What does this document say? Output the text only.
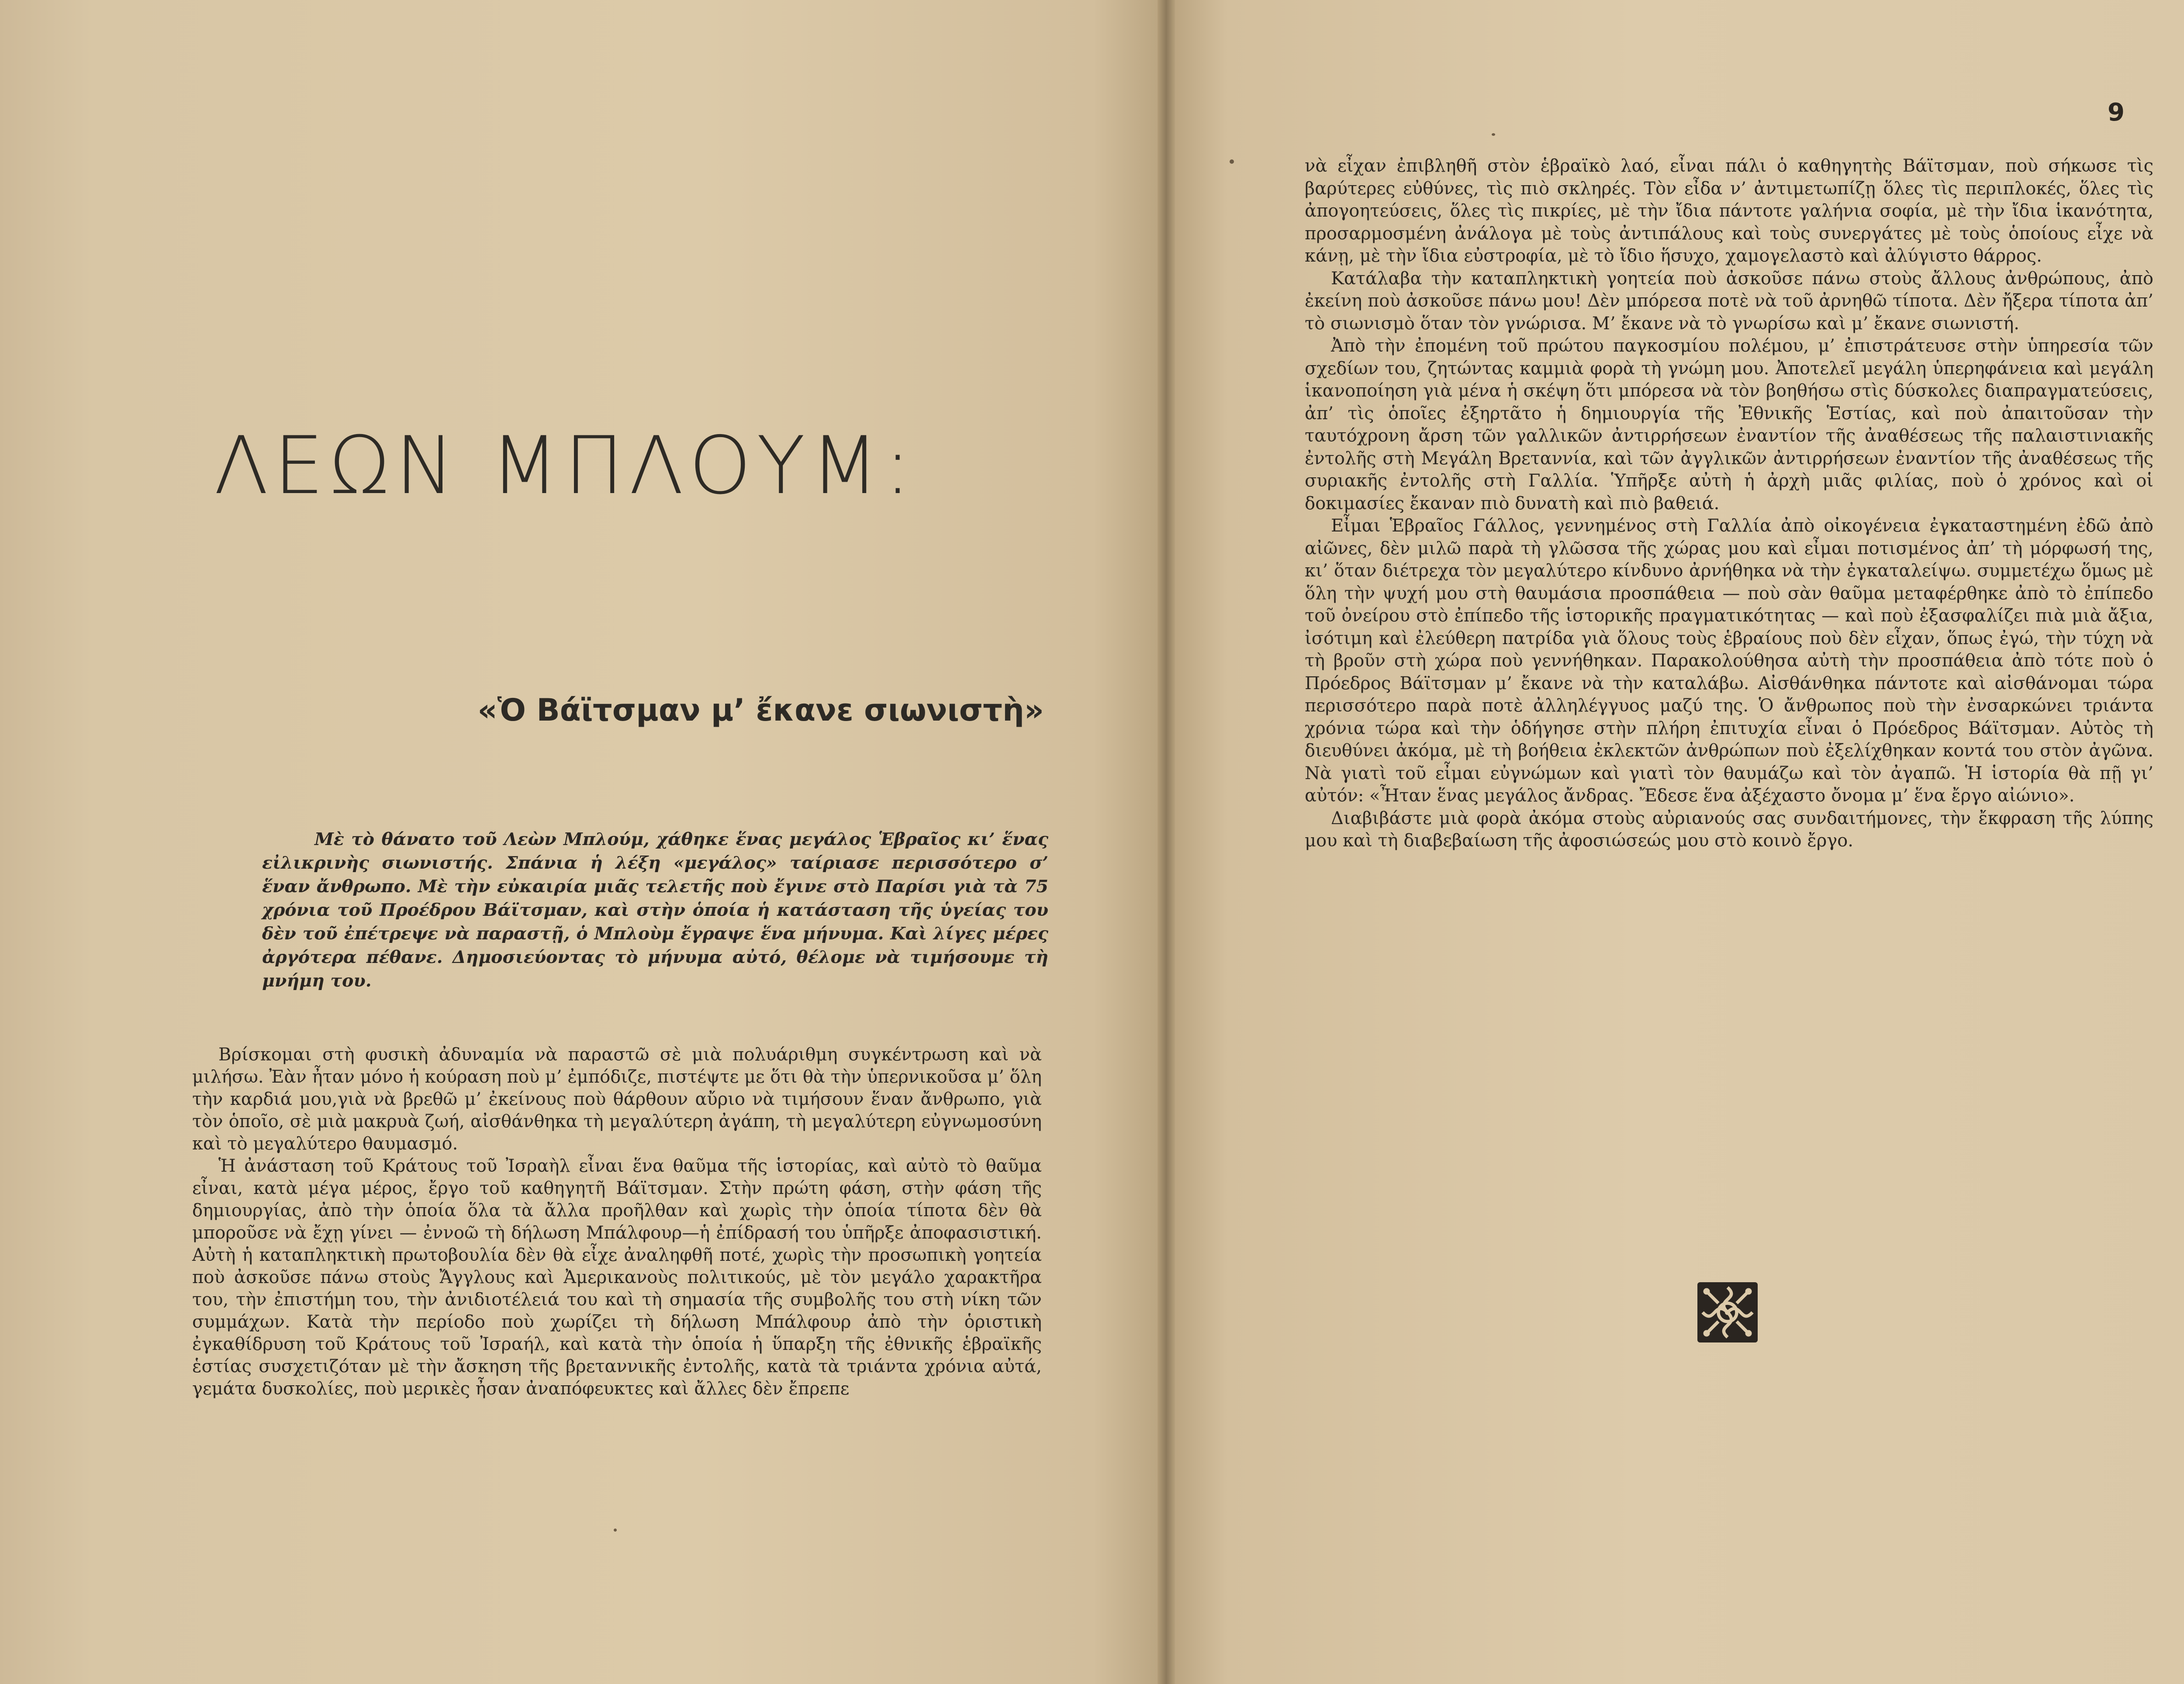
ΛΕΩΝ ΜΠΛΟΥΜ:
«Ὁ Βάϊτσμαν μ’ ἔκανε σιωνιστὴ»
Μὲ τὸ θάνατο τοῦ Λεὼν Μπλούμ, χάθηκε ἕνας μεγάλος Ἑβραῖος κι’ ἕνας εἰλικρινὴς σιωνιστής. Σπάνια ἡ λέξη «μεγάλος» ταίριασε περισσότερο σ’ ἕναν ἄνθρωπο. Μὲ τὴν εὐκαιρία μιᾶς τελετῆς ποὺ ἔγινε στὸ Παρίσι γιὰ τὰ 75 χρόνια τοῦ Προέδρου Βάϊτσμαν, καὶ στὴν ὁποία ἡ κατάσταση τῆς ὑγείας του δὲν τοῦ ἐπέτρεψε νὰ παραστῇ, ὁ Μπλοὺμ ἔγραψε ἕνα μήνυμα. Καὶ λίγες μέρες ἀργότερα πέθανε. Δημοσιεύοντας τὸ μήνυμα αὐτό, θέλομε νὰ τιμήσουμε τὴ μνήμη του.

Βρίσκομαι στὴ φυσικὴ ἀδυναμία νὰ παραστῶ σὲ μιὰ πολυάριθμη συγκέντρωση καὶ νὰ μιλήσω. Ἐὰν ἦταν μόνο ἡ κούραση ποὺ μ’ ἐμπόδιζε, πιστέψτε με ὅτι θὰ τὴν ὑπερνικοῦσα μ’ ὅλη τὴν καρδιά μου,γιὰ νὰ βρεθῶ μ’ ἐκείνους ποὺ θάρθουν αὔριο νὰ τιμήσουν ἕναν ἄνθρωπο, γιὰ τὸν ὁποῖο, σὲ μιὰ μακρυὰ ζωή, αἰσθάνθηκα τὴ μεγαλύτερη ἀγάπη, τὴ μεγαλύτερη εὐγνωμοσύνη καὶ τὸ μεγαλύτερο θαυμασμό.

Ἡ ἀνάσταση τοῦ Κράτους τοῦ Ἰσραὴλ εἶναι ἕνα θαῦμα τῆς ἱστορίας, καὶ αὐτὸ τὸ θαῦμα εἶναι, κατὰ μέγα μέρος, ἔργο τοῦ καθηγητῆ Βάϊτσμαν. Στὴν πρώτη φάση, στὴν φάση τῆς δημιουργίας, ἀπὸ τὴν ὁποία ὅλα τὰ ἄλλα προῆλθαν καὶ χωρὶς τὴν ὁποία τίποτα δὲν θὰ μποροῦσε νὰ ἔχῃ γίνει — ἐννοῶ τὴ δήλωση Μπάλφουρ—ἡ ἐπίδρασή του ὑπῆρξε ἀποφασιστική. Αὐτὴ ἡ καταπληκτικὴ πρωτοβουλία δὲν θὰ εἶχε ἀναληφθῆ ποτέ, χωρὶς τὴν προσωπικὴ γοητεία ποὺ ἀσκοῦσε πάνω στοὺς Ἄγγλους καὶ Ἀμερικανοὺς πολιτικούς, μὲ τὸν μεγάλο χαρακτῆρα του, τὴν ἐπιστήμη του, τὴν ἀνιδιοτέλειά του καὶ τὴ σημασία τῆς συμβολῆς του στὴ νίκη τῶν συμμάχων. Κατὰ τὴν περίοδο ποὺ χωρίζει τὴ δήλωση Μπάλφουρ ἀπὸ τὴν ὁριστικὴ ἐγκαθίδρυση τοῦ Κράτους τοῦ Ἰσραήλ, καὶ κατὰ τὴν ὁποία ἡ ὕπαρξη τῆς ἐθνικῆς ἑβραϊκῆς ἑστίας συσχετιζόταν μὲ τὴν ἄσκηση τῆς βρεταννικῆς ἐντολῆς, κατὰ τὰ τριάντα χρόνια αὐτά, γεμάτα δυσκολίες, ποὺ μερικὲς ἦσαν ἀναπόφευκτες καὶ ἄλλες δὲν ἔπρεπε

9

νὰ εἶχαν ἐπιβληθῆ στὸν ἑβραϊκὸ λαό, εἶναι πάλι ὁ καθηγητὴς Βάϊτσμαν, ποὺ σήκωσε τὶς βαρύτερες εὐθύνες, τὶς πιὸ σκληρές. Τὸν εἶδα ν’ ἀντιμετωπίζῃ ὅλες τὶς περιπλοκές, ὅλες τὶς ἀπογοητεύσεις, ὅλες τὶς πικρίες, μὲ τὴν ἴδια πάντοτε γαλήνια σοφία, μὲ τὴν ἴδια ἱκανότητα, προσαρμοσμένη ἀνάλογα μὲ τοὺς ἀντιπάλους καὶ τοὺς συνεργάτες μὲ τοὺς ὁποίους εἶχε νὰ κάνῃ, μὲ τὴν ἴδια εὐστροφία, μὲ τὸ ἴδιο ἥσυχο, χαμογελαστὸ καὶ ἀλύγιστο θάρρος.

Κατάλαβα τὴν καταπληκτικὴ γοητεία ποὺ ἀσκοῦσε πάνω στοὺς ἄλλους ἀνθρώπους, ἀπὸ ἐκείνη ποὺ ἀσκοῦσε πάνω μου! Δὲν μπόρεσα ποτὲ νὰ τοῦ ἀρνηθῶ τίποτα. Δὲν ἤξερα τίποτα ἀπ’ τὸ σιωνισμὸ ὅταν τὸν γνώρισα. Μ’ ἔκανε νὰ τὸ γνωρίσω καὶ μ’ ἔκανε σιωνιστή.

Ἀπὸ τὴν ἐπομένη τοῦ πρώτου παγκοσμίου πολέμου, μ’ ἐπιστράτευσε στὴν ὑπηρεσία τῶν σχεδίων του, ζητώντας καμμιὰ φορὰ τὴ γνώμη μου. Ἀποτελεῖ μεγάλη ὑπερηφάνεια καὶ μεγάλη ἱκανοποίηση γιὰ μένα ἡ σκέψη ὅτι μπόρεσα νὰ τὸν βοηθήσω στὶς δύσκολες διαπραγματεύσεις, ἀπ’ τὶς ὁποῖες ἐξηρτᾶτο ἡ δημιουργία τῆς Ἐθνικῆς Ἑστίας, καὶ ποὺ ἀπαιτοῦσαν τὴν ταυτόχρονη ἄρση τῶν γαλλικῶν ἀντιρρήσεων ἐναντίον τῆς ἀναθέσεως τῆς παλαιστινιακῆς ἐντολῆς στὴ Μεγάλη Βρεταννία, καὶ τῶν ἀγγλικῶν ἀντιρρήσεων ἐναντίον τῆς ἀναθέσεως τῆς συριακῆς ἐντολῆς στὴ Γαλλία. Ὑπῆρξε αὐτὴ ἡ ἀρχὴ μιᾶς φιλίας, ποὺ ὁ χρόνος καὶ οἱ δοκιμασίες ἔκαναν πιὸ δυνατὴ καὶ πιὸ βαθειά.

Εἶμαι Ἑβραῖος Γάλλος, γεννημένος στὴ Γαλλία ἀπὸ οἰκογένεια ἐγκαταστημένη ἐδῶ ἀπὸ αἰῶνες, δὲν μιλῶ παρὰ τὴ γλῶσσα τῆς χώρας μου καὶ εἶμαι ποτισμένος ἀπ’ τὴ μόρφωσή της, κι’ ὅταν διέτρεχα τὸν μεγαλύτερο κίνδυνο ἀρνήθηκα νὰ τὴν ἐγκαταλείψω. συμμετέχω ὅμως μὲ ὅλη τὴν ψυχή μου στὴ θαυμάσια προσπάθεια — ποὺ σὰν θαῦμα μεταφέρθηκε ἀπὸ τὸ ἐπίπεδο τοῦ ὀνείρου στὸ ἐπίπεδο τῆς ἱστορικῆς πραγματικότητας — καὶ ποὺ ἐξασφαλίζει πιὰ μιὰ ἄξια, ἰσότιμη καὶ ἐλεύθερη πατρίδα γιὰ ὅλους τοὺς ἑβραίους ποὺ δὲν εἶχαν, ὅπως ἐγώ, τὴν τύχη νὰ τὴ βροῦν στὴ χώρα ποὺ γεννήθηκαν. Παρακολούθησα αὐτὴ τὴν προσπάθεια ἀπὸ τότε ποὺ ὁ Πρόεδρος Βάϊτσμαν μ’ ἔκανε νὰ τὴν καταλάβω. Αἰσθάνθηκα πάντοτε καὶ αἰσθάνομαι τώρα περισσότερο παρὰ ποτὲ ἀλληλέγγυος μαζύ της. Ὁ ἄνθρωπος ποὺ τὴν ἐνσαρκώνει τριάντα χρόνια τώρα καὶ τὴν ὁδήγησε στὴν πλήρη ἐπιτυχία εἶναι ὁ Πρόεδρος Βάϊτσμαν. Αὐτὸς τὴ διευθύνει ἀκόμα, μὲ τὴ βοήθεια ἐκλεκτῶν ἀνθρώπων ποὺ ἐξελίχθηκαν κοντά του στὸν ἀγῶνα. Νὰ γιατὶ τοῦ εἶμαι εὐγνώμων καὶ γιατὶ τὸν θαυμάζω καὶ τὸν ἀγαπῶ. Ἡ ἱστορία θὰ πῇ γι’ αὐτόν: «Ἦταν ἕνας μεγάλος ἄνδρας. Ἔδεσε ἕνα ἀξέχαστο ὄνομα μ’ ἕνα ἔργο αἰώνιο».

Διαβιβάστε μιὰ φορὰ ἀκόμα στοὺς αὐριανούς σας συνδαιτήμονες, τὴν ἔκφραση τῆς λύπης μου καὶ τὴ διαβεβαίωση τῆς ἀφοσιώσεώς μου στὸ κοινὸ ἔργο.
